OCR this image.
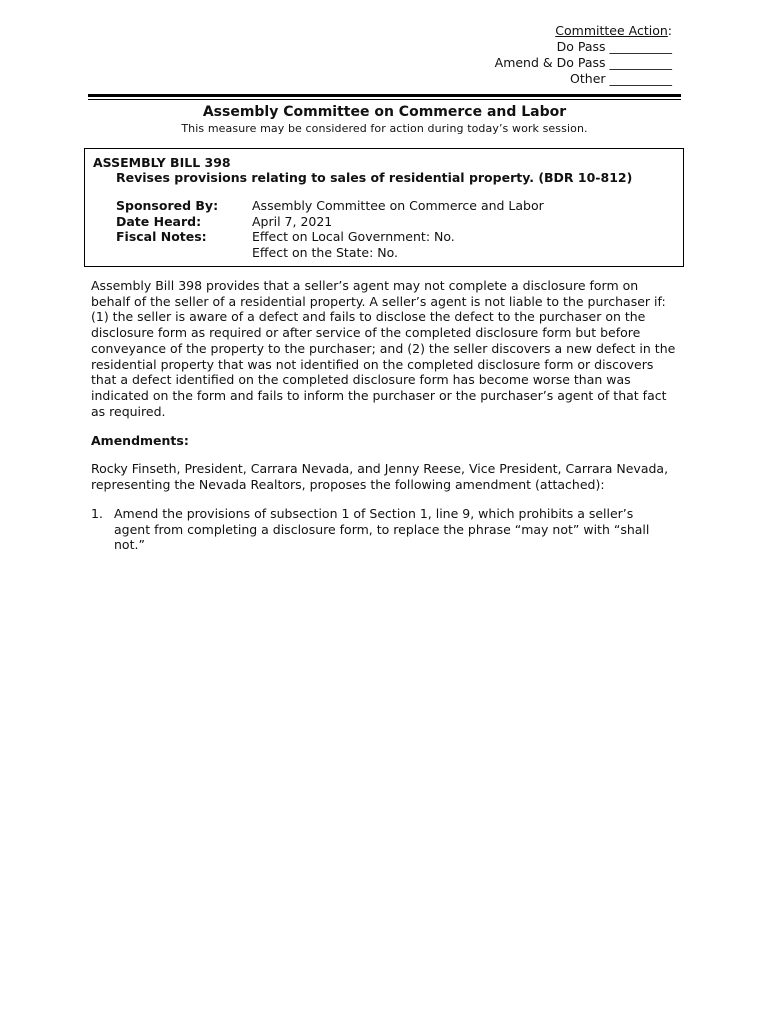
Committee Action:
Do Pass __________
Amend & Do Pass __________
Other __________
Assembly Committee on Commerce and Labor
This measure may be considered for action during today’s work session.
ASSEMBLY BILL 398
Revises provisions relating to sales of residential property. (BDR 10-812)
Sponsored By:	Assembly Committee on Commerce and Labor
Date Heard:	April 7, 2021
Fiscal Notes:	Effect on Local Government: No.
Effect on the State: No.
Assembly Bill 398 provides that a seller’s agent may not complete a disclosure form on behalf of the seller of a residential property. A seller’s agent is not liable to the purchaser if: (1) the seller is aware of a defect and fails to disclose the defect to the purchaser on the disclosure form as required or after service of the completed disclosure form but before conveyance of the property to the purchaser; and (2) the seller discovers a new defect in the residential property that was not identified on the completed disclosure form or discovers that a defect identified on the completed disclosure form has become worse than was indicated on the form and fails to inform the purchaser or the purchaser’s agent of that fact as required.
Amendments:
Rocky Finseth, President, Carrara Nevada, and Jenny Reese, Vice President, Carrara Nevada, representing the Nevada Realtors, proposes the following amendment (attached):
1. Amend the provisions of subsection 1 of Section 1, line 9, which prohibits a seller’s agent from completing a disclosure form, to replace the phrase “may not” with “shall not.”
